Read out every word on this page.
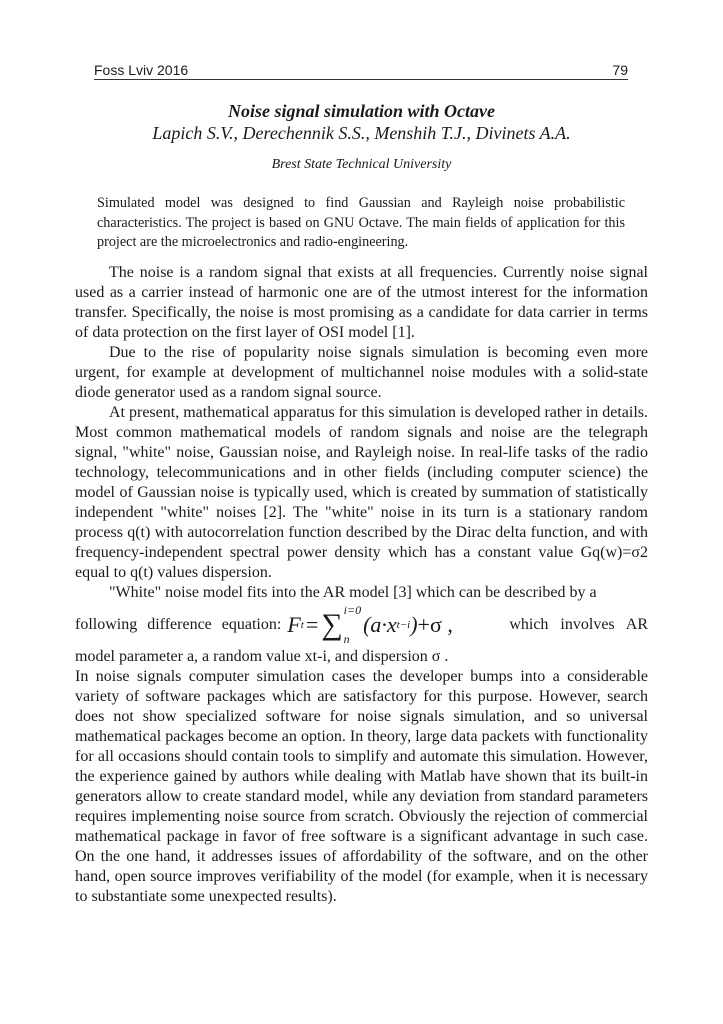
Foss Lviv 2016	79
Noise signal simulation with Octave
Lapich S.V., Derechennik S.S., Menshih T.J., Divinets A.A.
Brest State Technical University

Simulated model was designed to find Gaussian and Rayleigh noise probabilistic characteristics. The project is based on GNU Octave. The main fields of application for this project are the microelectronics and radio-engineering.

The noise is a random signal that exists at all frequencies. Currently noise signal used as a carrier instead of harmonic one are of the utmost interest for the information transfer. Specifically, the noise is most promising as a candidate for data carrier in terms of data protection on the first layer of OSI model [1].

Due to the rise of popularity noise signals simulation is becoming even more urgent, for example at development of multichannel noise modules with a solid-state diode generator used as a random signal source.

At present, mathematical apparatus for this simulation is developed rather in details. Most common mathematical models of random signals and noise are the telegraph signal, "white" noise, Gaussian noise, and Rayleigh noise. In real-life tasks of the radio technology, telecommunications and in other fields (including computer science) the model of Gaussian noise is typically used, which is created by summation of statistically independent "white" noises [2]. The "white" noise in its turn is a stationary random process q(t) with autocorrelation function described by the Dirac delta function, and with frequency-independent spectral power density which has a constant value Gq(w)=σ2 equal to q(t) values dispersion.

"White" noise model fits into the AR model [3] which can be described by a

following difference equation: F t = ∑ i=0
n
(a·x t−i ) +σ ,	which involves AR

model parameter a, a random value xt-i, and dispersion σ .

In noise signals computer simulation cases the developer bumps into a considerable variety of software packages which are satisfactory for this purpose. However, search does not show specialized software for noise signals simulation, and so universal mathematical packages become an option. In theory, large data packets with functionality for all occasions should contain tools to simplify and automate this simulation. However, the experience gained by authors while dealing with Matlab have shown that its built-in generators allow to create standard model, while any deviation from standard parameters requires implementing noise source from scratch. Obviously the rejection of commercial mathematical package in favor of free software is a significant advantage in such case. On the one hand, it addresses issues of affordability of the software, and on the other hand, open source improves verifiability of the model (for example, when it is necessary to substantiate some unexpected results).
